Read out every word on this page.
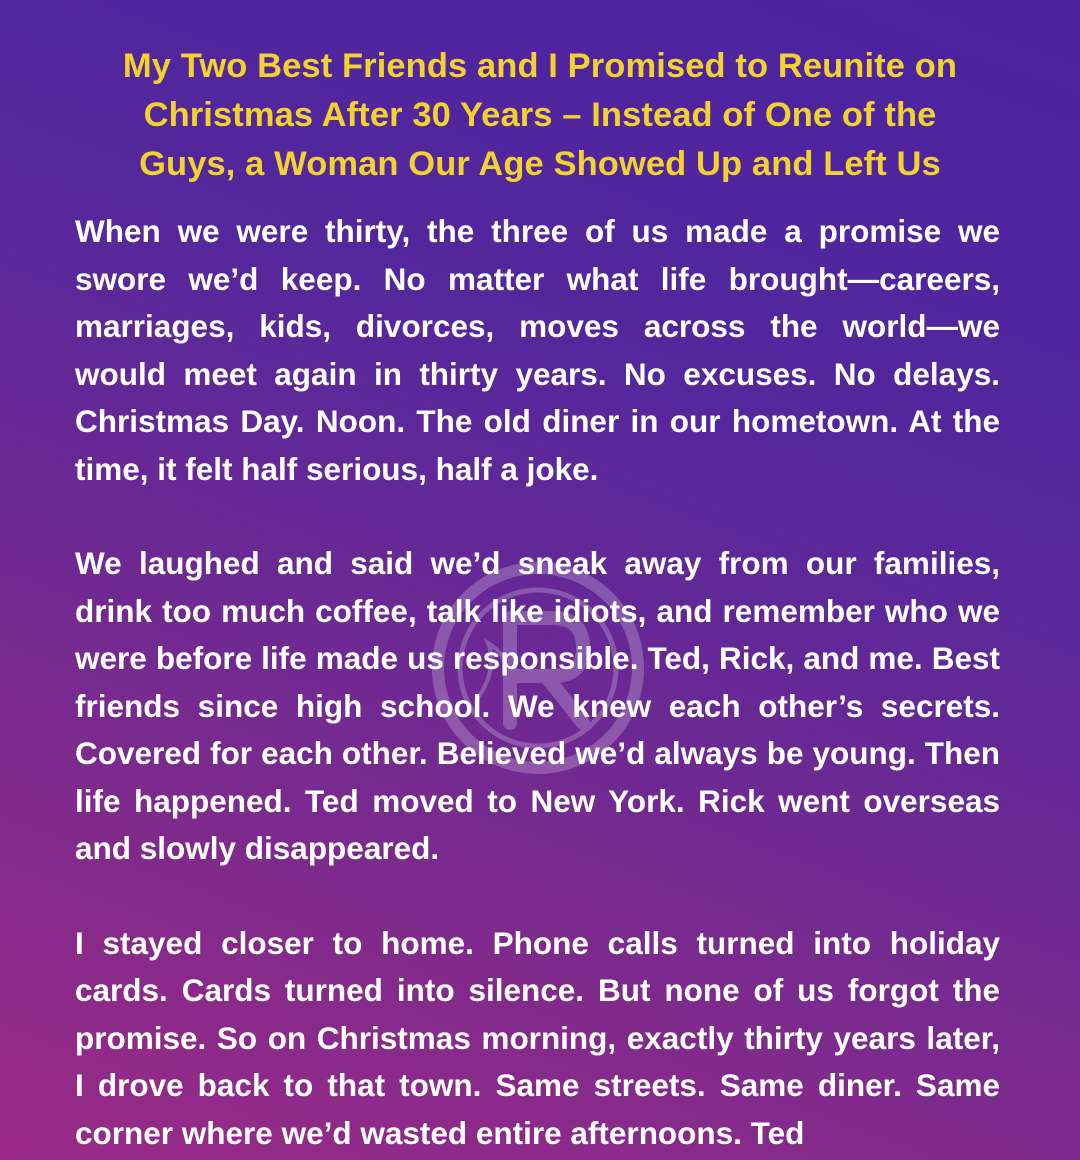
My Two Best Friends and I Promised to Reunite on
Christmas After 30 Years – Instead of One of the
Guys, a Woman Our Age Showed Up and Left Us

When we were thirty, the three of us made a promise we swore we’d keep. No matter what life brought—careers, marriages, kids, divorces, moves across the world—we would meet again in thirty years. No excuses. No delays. Christmas Day. Noon. The old diner in our hometown. At the time, it felt half serious, half a joke.

We laughed and said we’d sneak away from our families, drink too much coffee, talk like idiots, and remember who we were before life made us responsible. Ted, Rick, and me. Best friends since high school. We knew each other’s secrets. Covered for each other. Believed we’d always be young. Then life happened. Ted moved to New York. Rick went overseas and slowly disappeared.

I stayed closer to home. Phone calls turned into holiday cards. Cards turned into silence. But none of us forgot the promise. So on Christmas morning, exactly thirty years later, I drove back to that town. Same streets. Same diner. Same corner where we’d wasted entire afternoons. Ted
